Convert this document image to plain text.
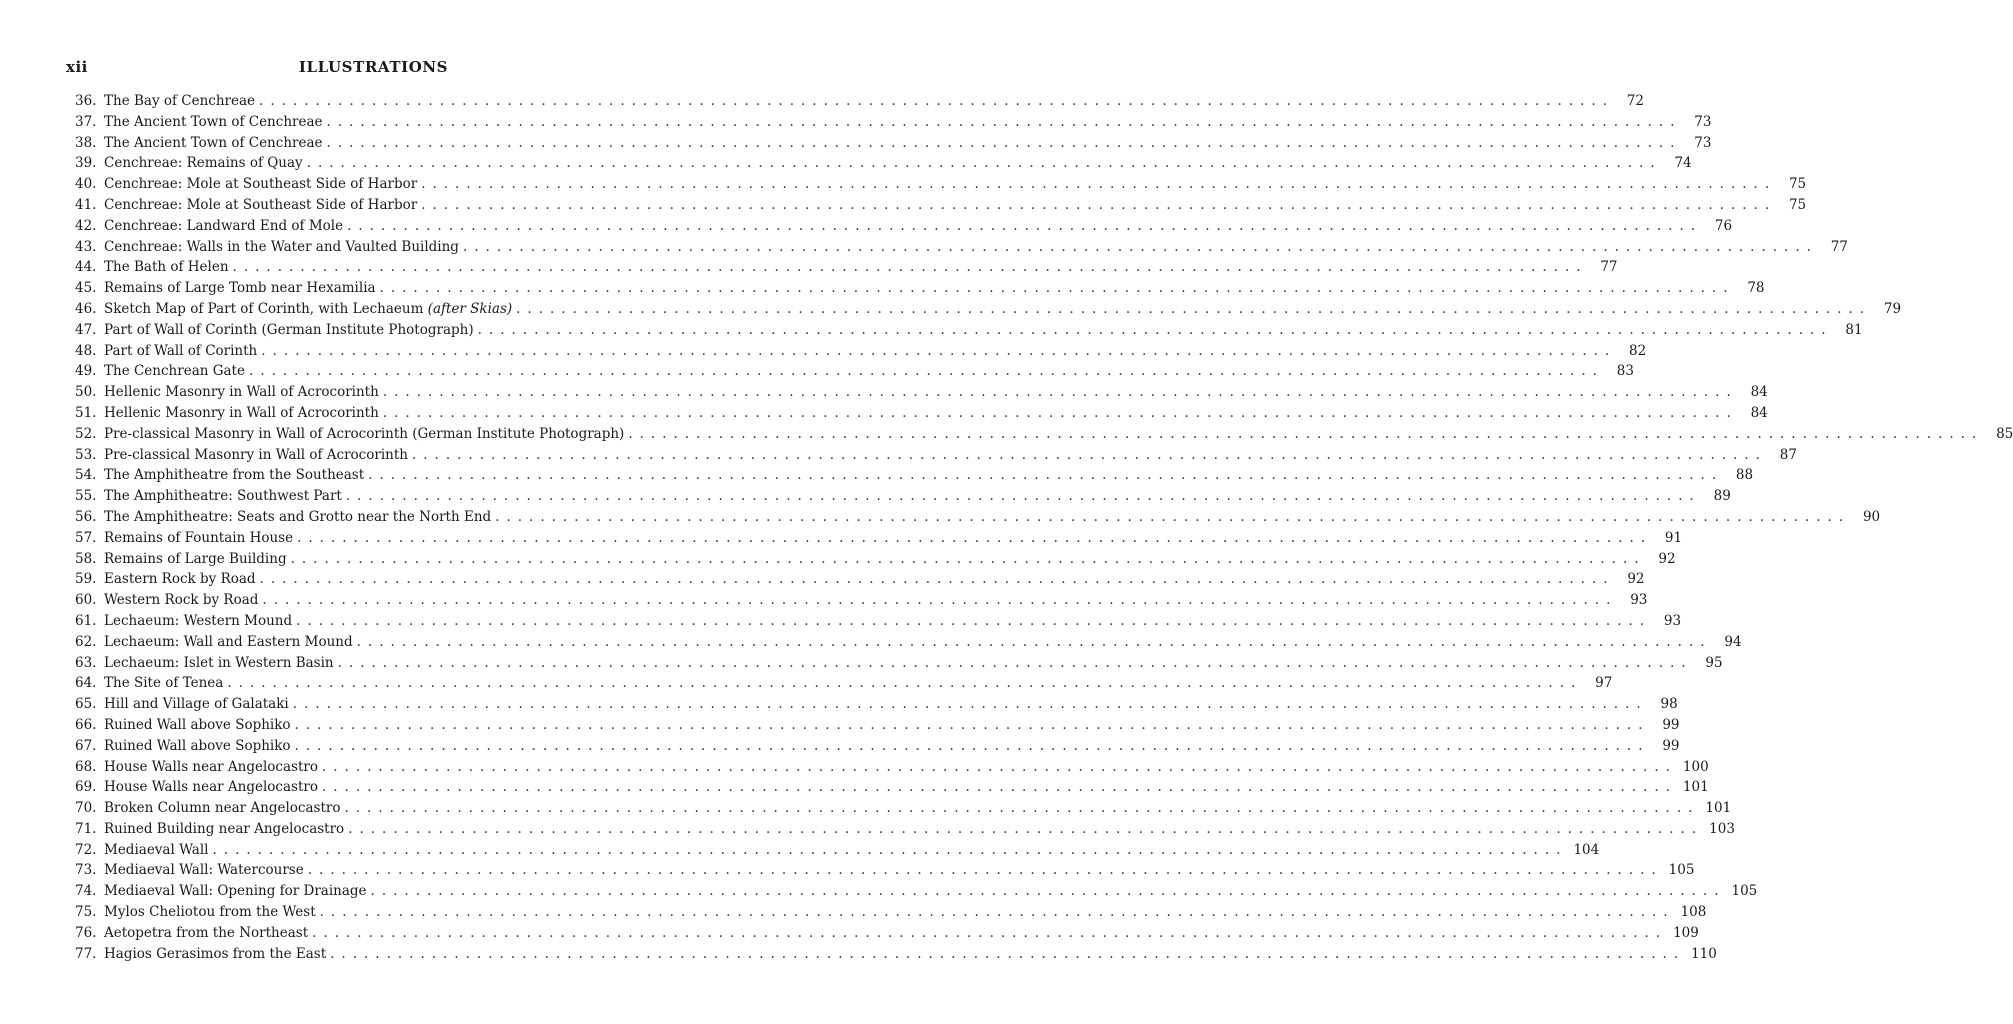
xii	ILLUSTRATIONS
36. The Bay of Cenchreae ........................................................................................................................ 72
37. The Ancient Town of Cenchreae ........................................................................................................................ 73
38. The Ancient Town of Cenchreae ........................................................................................................................ 73
39. Cenchreae: Remains of Quay ........................................................................................................................ 74
40. Cenchreae: Mole at Southeast Side of Harbor ........................................................................................................................ 75
41. Cenchreae: Mole at Southeast Side of Harbor ........................................................................................................................ 75
42. Cenchreae: Landward End of Mole ........................................................................................................................ 76
43. Cenchreae: Walls in the Water and Vaulted Building ........................................................................................................................ 77
44. The Bath of Helen ........................................................................................................................ 77
45. Remains of Large Tomb near Hexamilia ........................................................................................................................ 78
46. Sketch Map of Part of Corinth, with Lechaeum (after Skias) ........................................................................................................................ 79
47. Part of Wall of Corinth (German Institute Photograph) ........................................................................................................................ 81
48. Part of Wall of Corinth ........................................................................................................................ 82
49. The Cenchrean Gate ........................................................................................................................ 83
50. Hellenic Masonry in Wall of Acrocorinth ........................................................................................................................ 84
51. Hellenic Masonry in Wall of Acrocorinth ........................................................................................................................ 84
52. Pre-classical Masonry in Wall of Acrocorinth (German Institute Photograph) ........................................................................................................................ 85
53. Pre-classical Masonry in Wall of Acrocorinth ........................................................................................................................ 87
54. The Amphitheatre from the Southeast ........................................................................................................................ 88
55. The Amphitheatre: Southwest Part ........................................................................................................................ 89
56. The Amphitheatre: Seats and Grotto near the North End ........................................................................................................................ 90
57. Remains of Fountain House ........................................................................................................................ 91
58. Remains of Large Building ........................................................................................................................ 92
59. Eastern Rock by Road ........................................................................................................................ 92
60. Western Rock by Road ........................................................................................................................ 93
61. Lechaeum: Western Mound ........................................................................................................................ 93
62. Lechaeum: Wall and Eastern Mound ........................................................................................................................ 94
63. Lechaeum: Islet in Western Basin ........................................................................................................................ 95
64. The Site of Tenea ........................................................................................................................ 97
65. Hill and Village of Galataki ........................................................................................................................ 98
66. Ruined Wall above Sophiko ........................................................................................................................ 99
67. Ruined Wall above Sophiko ........................................................................................................................ 99
68. House Walls near Angelocastro ........................................................................................................................ 100
69. House Walls near Angelocastro ........................................................................................................................ 101
70. Broken Column near Angelocastro ........................................................................................................................ 101
71. Ruined Building near Angelocastro ........................................................................................................................ 103
72. Mediaeval Wall ........................................................................................................................ 104
73. Mediaeval Wall: Watercourse ........................................................................................................................ 105
74. Mediaeval Wall: Opening for Drainage ........................................................................................................................ 105
75. Mylos Cheliotou from the West ........................................................................................................................ 108
76. Aetopetra from the Northeast ........................................................................................................................ 109
77. Hagios Gerasimos from the East ........................................................................................................................ 110
